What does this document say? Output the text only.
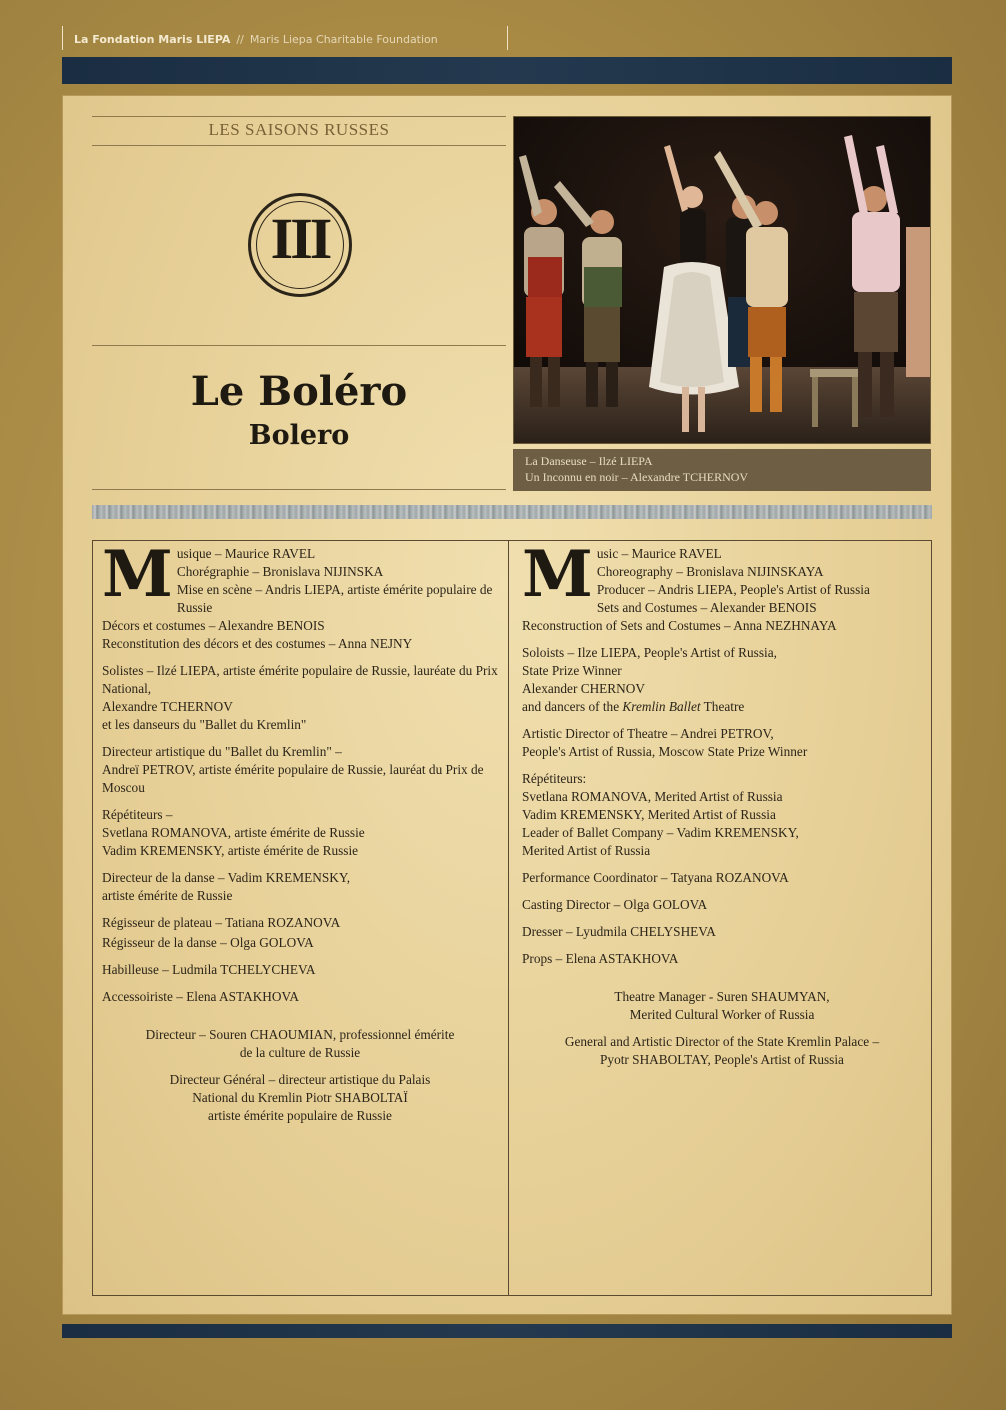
La Fondation Maris LIEPA // Maris Liepa Charitable Foundation
LES SAISONS RUSSES
III
Le Boléro
Bolero
La Danseuse – Ilzé LIEPA
Un Inconnu en noir – Alexandre TCHERNOV

Musique – Maurice RAVEL
Chorégraphie – Bronislava NIJINSKA
Mise en scène – Andris LIEPA, artiste émérite populaire de Russie
Décors et costumes – Alexandre BENOIS
Reconstitution des décors et des costumes – Anna NEJNY

Solistes – Ilzé LIEPA, artiste émérite populaire de Russie, lauréate du Prix National,
Alexandre TCHERNOV
et les danseurs du "Ballet du Kremlin"

Directeur artistique du "Ballet du Kremlin" –
Andreï PETROV, artiste émérite populaire de Russie, lauréat du Prix de Moscou

Répétiteurs –
Svetlana ROMANOVA, artiste émérite de Russie
Vadim KREMENSKY, artiste émérite de Russie

Directeur de la danse – Vadim KREMENSKY,
artiste émérite de Russie

Régisseur de plateau – Tatiana ROZANOVA

Régisseur de la danse – Olga GOLOVA

Habilleuse – Ludmila TCHELYCHEVA

Accessoiriste – Elena ASTAKHOVA

Directeur – Souren CHAOUMIAN, professionnel émérite
de la culture de Russie

Directeur Général – directeur artistique du Palais
National du Kremlin Piotr SHABOLTAÏ
artiste émérite populaire de Russie

Music – Maurice RAVEL
Choreography – Bronislava NIJINSKAYA
Producer – Andris LIEPA, People's Artist of Russia
Sets and Costumes – Alexander BENOIS
Reconstruction of Sets and Costumes – Anna NEZHNAYA

Soloists – Ilze LIEPA, People's Artist of Russia,
State Prize Winner
Alexander CHERNOV
and dancers of the Kremlin Ballet Theatre

Artistic Director of Theatre – Andrei PETROV,
People's Artist of Russia, Moscow State Prize Winner

Répétiteurs:
Svetlana ROMANOVA, Merited Artist of Russia
Vadim KREMENSKY, Merited Artist of Russia
Leader of Ballet Company – Vadim KREMENSKY,
Merited Artist of Russia

Performance Coordinator – Tatyana ROZANOVA

Casting Director – Olga GOLOVA

Dresser – Lyudmila CHELYSHEVA

Props – Elena ASTAKHOVA

Theatre Manager - Suren SHAUMYAN,
Merited Cultural Worker of Russia

General and Artistic Director of the State Kremlin Palace –
Pyotr SHABOLTAY, People's Artist of Russia
